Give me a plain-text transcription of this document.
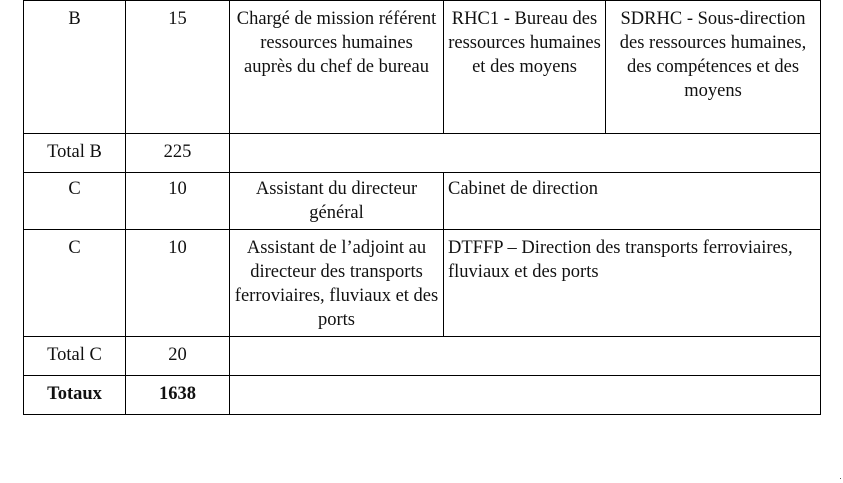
B	15	Chargé de mission référent ressources humaines auprès du chef de bureau	RHC1 - Bureau des ressources humaines et des moyens	SDRHC - Sous-direction des ressources humaines, des compétences et des moyens
Total B	225			
C	10	Assistant du directeur général	Cabinet de direction	
C	10	Assistant de l’adjoint au directeur des transports ferroviaires, fluviaux et des ports	DTFFP – Direction des transports ferroviaires, fluviaux et des ports	
Total C	20			
Totaux	1638			
